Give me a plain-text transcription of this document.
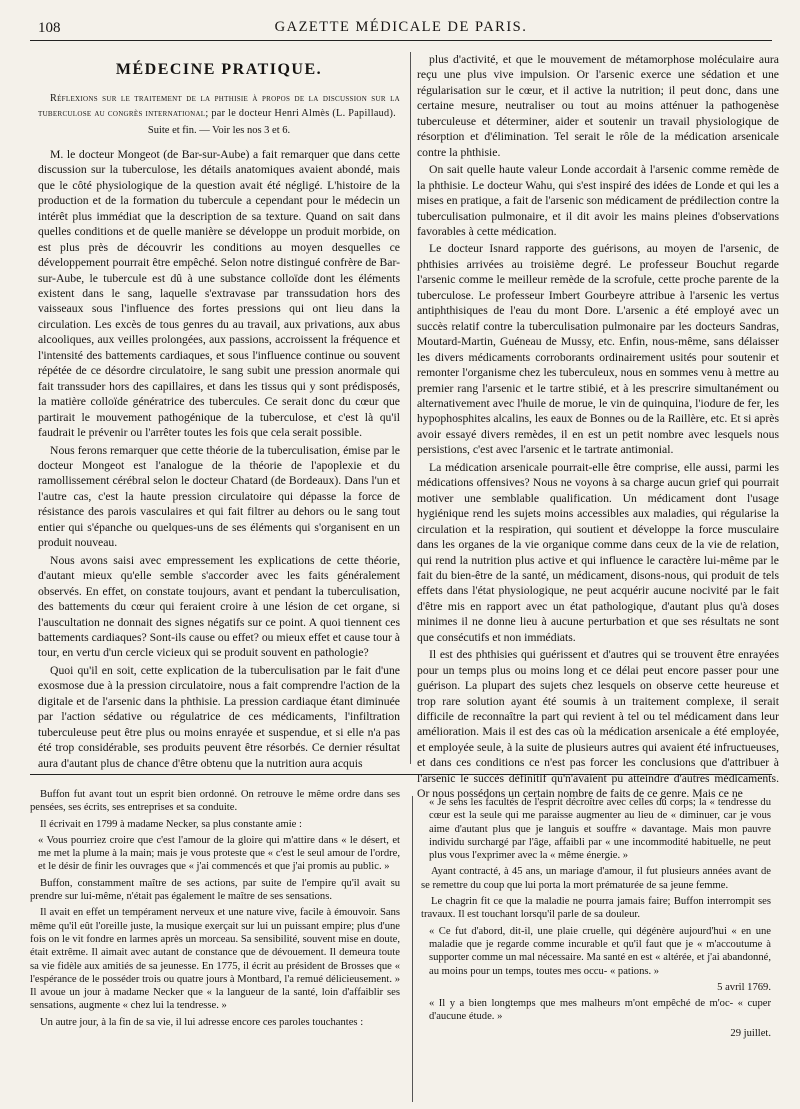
108	GAZETTE MÉDICALE DE PARIS.
MÉDECINE PRATIQUE.

Réflexions sur le traitement de la phthisie à propos de la discussion sur la tuberculose au congrès international; par le docteur Henri Almès (L. Papillaud).

Suite et fin. — Voir les nos 3 et 6.

M. le docteur Mongeot (de Bar-sur-Aube) a fait remarquer que dans cette discussion sur la tuberculose, les détails anatomiques avaient abondé, mais que le côté physiologique de la question avait été négligé. L'histoire de la production et de la formation du tubercule a cependant pour le médecin un intérêt plus immédiat que la description de sa texture. Quand on sait dans quelles conditions et de quelle manière se développe un produit morbide, on est plus près de découvrir les conditions au moyen desquelles ce développement pourrait être empêché. Selon notre distingué confrère de Bar-sur-Aube, le tubercule est dû à une substance colloïde dont les éléments existent dans le sang, laquelle s'extravase par transsudation hors des vaisseaux sous l'influence des fortes pressions qui ont lieu dans la circulation. Les excès de tous genres du au travail, aux privations, aux abus alcooliques, aux veilles prolongées, aux passions, accroissent la fréquence et l'intensité des battements cardiaques, et sous l'influence continue ou souvent répétée de ce désordre circulatoire, le sang subit une pression anormale qui fait transsuder hors des capillaires, et dans les tissus qui y sont prédisposés, la matière colloïde génératrice des tubercules. Ce serait donc du cœur que partirait le mouvement pathogénique de la tuberculose, et c'est là qu'il faudrait le prévenir ou l'arrêter toutes les fois que cela serait possible.

Nous ferons remarquer que cette théorie de la tuberculisation, émise par le docteur Mongeot est l'analogue de la théorie de l'apoplexie et du ramollissement cérébral selon le docteur Chatard (de Bordeaux). Dans l'un et l'autre cas, c'est la haute pression circulatoire qui dépasse la force de résistance des parois vasculaires et qui fait filtrer au dehors ou le sang tout entier qui s'épanche ou quelques-uns de ses éléments qui s'organisent en un produit nouveau.

Nous avons saisi avec empressement les explications de cette théorie, d'autant mieux qu'elle semble s'accorder avec les faits généralement observés. En effet, on constate toujours, avant et pendant la tuberculisation, des battements du cœur qui feraient croire à une lésion de cet organe, si l'auscultation ne donnait des signes négatifs sur ce point. A quoi tiennent ces battements cardiaques? Sont-ils cause ou effet? ou mieux effet et cause tour à tour, en vertu d'un cercle vicieux qui se produit souvent en pathologie?

Quoi qu'il en soit, cette explication de la tuberculisation par le fait d'une exosmose due à la pression circulatoire, nous a fait comprendre l'action de la digitale et de l'arsenic dans la phthisie. La pression cardiaque étant diminuée par l'action sédative ou régulatrice de ces médicaments, l'infiltration tuberculeuse peut être plus ou moins enrayée et suspendue, et si elle n'a pas été trop considérable, ses produits peuvent être résorbés. Ce dernier résultat aura d'autant plus de chance d'être obtenu que la nutrition aura acquis

plus d'activité, et que le mouvement de métamorphose moléculaire aura reçu une plus vive impulsion. Or l'arsenic exerce une sédation et une régularisation sur le cœur, et il active la nutrition; il peut donc, dans une certaine mesure, neutraliser ou tout au moins atténuer la pathogenèse tuberculeuse et déterminer, aider et soutenir un travail physiologique de résorption et d'élimination. Tel serait le rôle de la médication arsenicale contre la phthisie.

On sait quelle haute valeur Londe accordait à l'arsenic comme remède de la phthisie. Le docteur Wahu, qui s'est inspiré des idées de Londe et qui les a mises en pratique, a fait de l'arsenic son médicament de prédilection contre la tuberculisation pulmonaire, et il dit avoir les mains pleines d'observations favorables à cette médication.

Le docteur Isnard rapporte des guérisons, au moyen de l'arsenic, de phthisies arrivées au troisième degré. Le professeur Bouchut regarde l'arsenic comme le meilleur remède de la scrofule, cette proche parente de la tuberculose. Le professeur Imbert Gourbeyre attribue à l'arsenic les vertus antiphthisiques de l'eau du mont Dore. L'arsenic a été employé avec un succès relatif contre la tuberculisation pulmonaire par les docteurs Sandras, Moutard-Martin, Guéneau de Mussy, etc. Enfin, nous-même, sans délaisser les divers médicaments corroborants ordinairement usités pour soutenir et remonter l'organisme chez les tuberculeux, nous en sommes venu à mettre au premier rang l'arsenic et le tartre stibié, et à les prescrire simultanément ou alternativement avec l'huile de morue, le vin de quinquina, l'iodure de fer, les hypophosphites alcalins, les eaux de Bonnes ou de la Raillère, etc. Et si après avoir essayé divers remèdes, il en est un petit nombre avec lesquels nous persistions, c'est avec l'arsenic et le tartrate antimonial.

La médication arsenicale pourrait-elle être comprise, elle aussi, parmi les médications offensives? Nous ne voyons à sa charge aucun grief qui pourrait motiver une semblable qualification. Un médicament dont l'usage hygiénique rend les sujets moins accessibles aux maladies, qui régularise la circulation et la respiration, qui soutient et développe la force musculaire dans les organes de la vie organique comme dans ceux de la vie de relation, qui rend la nutrition plus active et qui influence le caractère lui-même par le fait du bien-être de la santé, un médicament, disons-nous, qui produit de tels effets dans l'état physiologique, ne peut acquérir aucune nocivité par le fait d'être mis en rapport avec un état pathologique, d'autant plus qu'à doses minimes il ne donne lieu à aucune perturbation et que ses résultats ne sont que consécutifs et non immédiats.

Il est des phthisies qui guérissent et d'autres qui se trouvent être enrayées pour un temps plus ou moins long et ce délai peut encore passer pour une guérison. La plupart des sujets chez lesquels on observe cette heureuse et trop rare solution ayant été soumis à un traitement complexe, il serait difficile de reconnaître la part qui revient à tel ou tel médicament dans leur amélioration. Mais il est des cas où la médication arsenicale a été employée, et employée seule, à la suite de plusieurs autres qui avaient été infructueuses, et dans ces conditions ce n'est pas forcer les conclusions que d'attribuer à l'arsenic le succès définitif qu'n'avaient pu atteindre d'autres médicaments. Or nous possédons un certain nombre de faits de ce genre. Mais ce ne

Buffon fut avant tout un esprit bien ordonné. On retrouve le même ordre dans ses pensées, ses écrits, ses entreprises et sa conduite.

Il écrivait en 1799 à madame Necker, sa plus constante amie :

« Vous pourriez croire que c'est l'amour de la gloire qui m'attire dans « le désert, et me met la plume à la main; mais je vous proteste que « c'est le seul amour de l'ordre, et le désir de finir les ouvrages que « j'ai commencés et que j'ai promis au public. »

Buffon, constamment maître de ses actions, par suite de l'empire qu'il avait su prendre sur lui-même, n'était pas également le maître de ses sensations.

Il avait en effet un tempérament nerveux et une nature vive, facile à émouvoir. Sans même qu'il eût l'oreille juste, la musique exerçait sur lui un puissant empire; plus d'une fois on le vit fondre en larmes après un morceau. Sa sensibilité, souvent mise en doute, était extrême. Il aimait avec autant de constance que de dévouement. Il demeura toute sa vie fidèle aux amitiés de sa jeunesse. En 1775, il écrit au président de Brosses que « l'espérance de le posséder trois ou quatre jours à Montbard, l'a remué délicieusement. » Il avoue un jour à madame Necker que « la langueur de la santé, loin d'affaiblir ses sensations, augmente « chez lui la tendresse. »

Un autre jour, à la fin de sa vie, il lui adresse encore ces paroles touchantes :

« Je sens les facultés de l'esprit décroître avec celles du corps; la « tendresse du cœur est la seule qui me paraisse augmenter au lieu de « diminuer, car je vous aime d'autant plus que je languis et souffre « davantage. Mais mon pauvre individu surchargé par l'âge, affaibli par « une incommodité habituelle, ne peut plus vous l'exprimer avec la « même énergie. »

Ayant contracté, à 45 ans, un mariage d'amour, il fut plusieurs années avant de se remettre du coup que lui porta la mort prématurée de sa jeune femme.

Le chagrin fit ce que la maladie ne pourra jamais faire; Buffon interrompit ses travaux. Il est touchant lorsqu'il parle de sa douleur.

« Ce fut d'abord, dit-il, une plaie cruelle, qui dégénère aujourd'hui « en une maladie que je regarde comme incurable et qu'il faut que je « m'accoutume à supporter comme un mal nécessaire. Ma santé en est « altérée, et j'ai abandonné, au moins pour un temps, toutes mes occu- « pations. »

5 avril 1769.

« Il y a bien longtemps que mes malheurs m'ont empêché de m'oc- « cuper d'aucune étude. »

29 juillet.
